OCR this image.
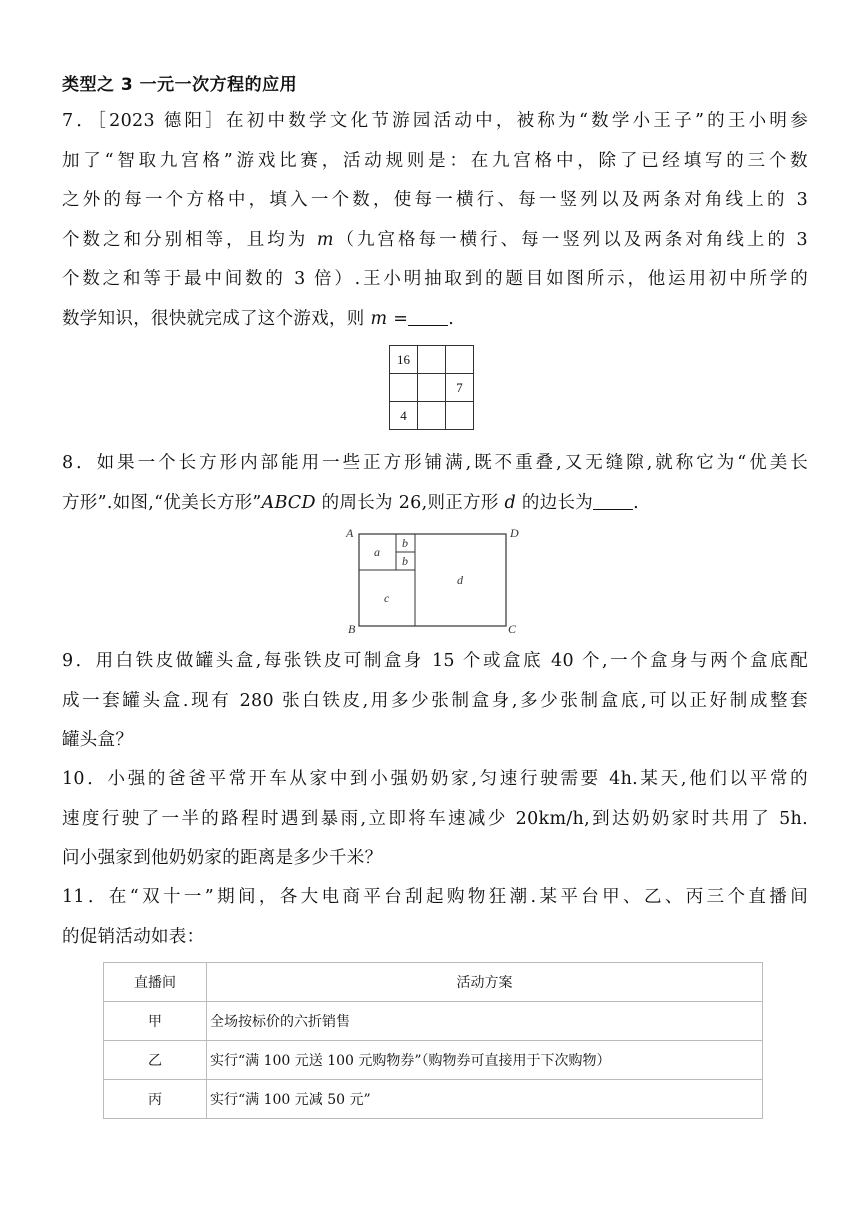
类型之 3 一元一次方程的应用
7．［2023 德阳］在初中数学文化节游园活动中，被称为“数学小王子”的王小明参
加了“智取九宫格”游戏比赛，活动规则是：在九宫格中，除了已经填写的三个数
之外的每一个方格中，填入一个数，使每一横行、每一竖列以及两条对角线上的 3
个数之和分别相等，且均为 𝑚（九宫格每一横行、每一竖列以及两条对角线上的 3
个数之和等于最中间数的 3 倍）.王小明抽取到的题目如图所示，他运用初中所学的
数学知识，很快就完成了这个游戏，则 𝑚 = .
16		
		7
4		
8．如果一个长方形内部能用一些正方形铺满,既不重叠,又无缝隙,就称它为“优美长
方形”.如图,“优美长方形”𝐴𝐵𝐶𝐷 的周长为 26,则正方形 𝑑 的边长为 .
A
B	C
D
a
b
b
c
d
9．用白铁皮做罐头盒,每张铁皮可制盒身 15 个或盒底 40 个,一个盒身与两个盒底配
成一套罐头盒.现有 280 张白铁皮,用多少张制盒身,多少张制盒底,可以正好制成整套
罐头盒？
10．小强的爸爸平常开车从家中到小强奶奶家,匀速行驶需要 4h.某天,他们以平常的
速度行驶了一半的路程时遇到暴雨,立即将车速减少 20km/h,到达奶奶家时共用了 5h.
问小强家到他奶奶家的距离是多少千米？
11．在“双十一”期间，各大电商平台刮起购物狂潮.某平台甲、乙、丙三个直播间
的促销活动如表：
直播间	活动方案
甲	全场按标价的六折销售
乙	实行“满 100 元送 100 元购物券”（购物券可直接用于下次购物）
丙	实行“满 100 元减 50 元”
